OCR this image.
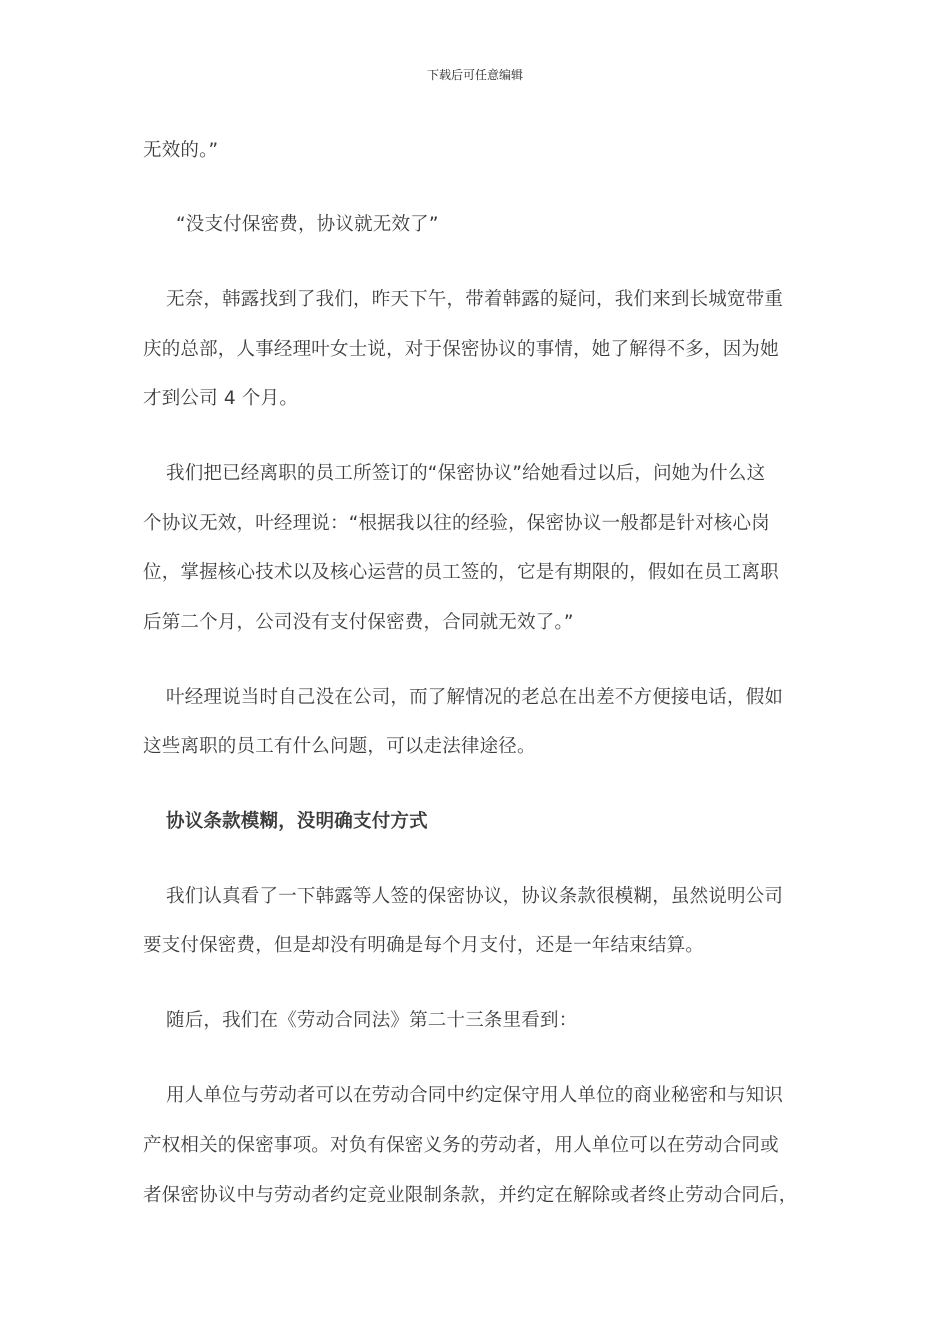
下载后可任意编辑
无效的。”
“没支付保密费，协议就无效了”
无奈，韩露找到了我们，昨天下午，带着韩露的疑问，我们来到长城宽带重
庆的总部，人事经理叶女士说，对于保密协议的事情，她了解得不多，因为她
才到公司 4 个月。
我们把已经离职的员工所签订的“保密协议”给她看过以后，问她为什么这
个协议无效，叶经理说：“根据我以往的经验，保密协议一般都是针对核心岗
位，掌握核心技术以及核心运营的员工签的，它是有期限的，假如在员工离职
后第二个月，公司没有支付保密费，合同就无效了。”
叶经理说当时自己没在公司，而了解情况的老总在出差不方便接电话，假如
这些离职的员工有什么问题，可以走法律途径。
协议条款模糊，没明确支付方式
我们认真看了一下韩露等人签的保密协议，协议条款很模糊，虽然说明公司
要支付保密费，但是却没有明确是每个月支付，还是一年结束结算。
随后，我们在《劳动合同法》第二十三条里看到：
用人单位与劳动者可以在劳动合同中约定保守用人单位的商业秘密和与知识
产权相关的保密事项。对负有保密义务的劳动者，用人单位可以在劳动合同或
者保密协议中与劳动者约定竞业限制条款，并约定在解除或者终止劳动合同后，
